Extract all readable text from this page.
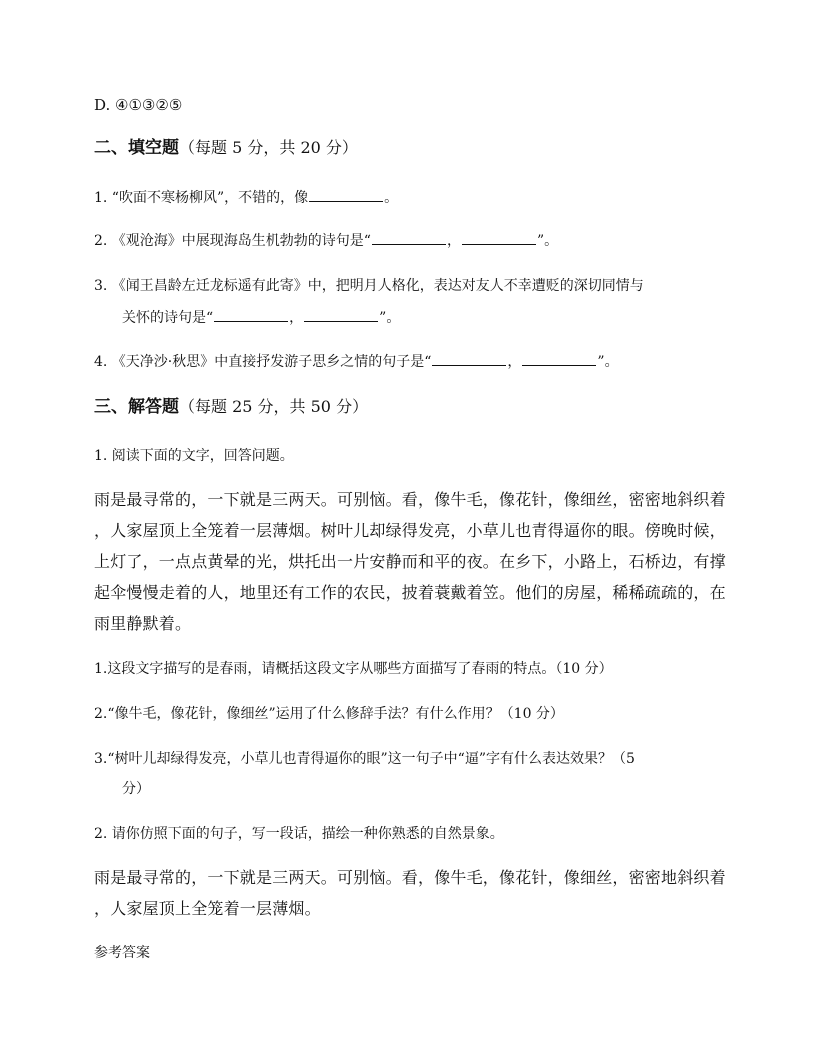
D. ④①③②⑤
二、填空题（每题 5 分，共 20 分）
1. “吹面不寒杨柳风”，不错的，像	。
2. 《观沧海》中展现海岛生机勃勃的诗句是“	，	”。
3. 《闻王昌龄左迁龙标遥有此寄》中，把明月人格化，表达对友人不幸遭贬的深切同情与
关怀的诗句是“	，	”。
4. 《天净沙·秋思》中直接抒发游子思乡之情的句子是“	，	”。
三、解答题（每题 25 分，共 50 分）
1. 阅读下面的文字，回答问题。
雨是最寻常的，一下就是三两天。可别恼。看，像牛毛，像花针，像细丝，密密地斜织着
，人家屋顶上全笼着一层薄烟。树叶儿却绿得发亮，小草儿也青得逼你的眼。傍晚时候，
上灯了，一点点黄晕的光，烘托出一片安静而和平的夜。在乡下，小路上，石桥边，有撑
起伞慢慢走着的人，地里还有工作的农民，披着蓑戴着笠。他们的房屋，稀稀疏疏的，在
雨里静默着。
1.这段文字描写的是春雨，请概括这段文字从哪些方面描写了春雨的特点。（10 分）
2.“像牛毛，像花针，像细丝”运用了什么修辞手法？有什么作用？（10 分）
3.“树叶儿却绿得发亮，小草儿也青得逼你的眼”这一句子中“逼”字有什么表达效果？（5
分）
2. 请你仿照下面的句子，写一段话，描绘一种你熟悉的自然景象。
雨是最寻常的，一下就是三两天。可别恼。看，像牛毛，像花针，像细丝，密密地斜织着
，人家屋顶上全笼着一层薄烟。
参考答案
